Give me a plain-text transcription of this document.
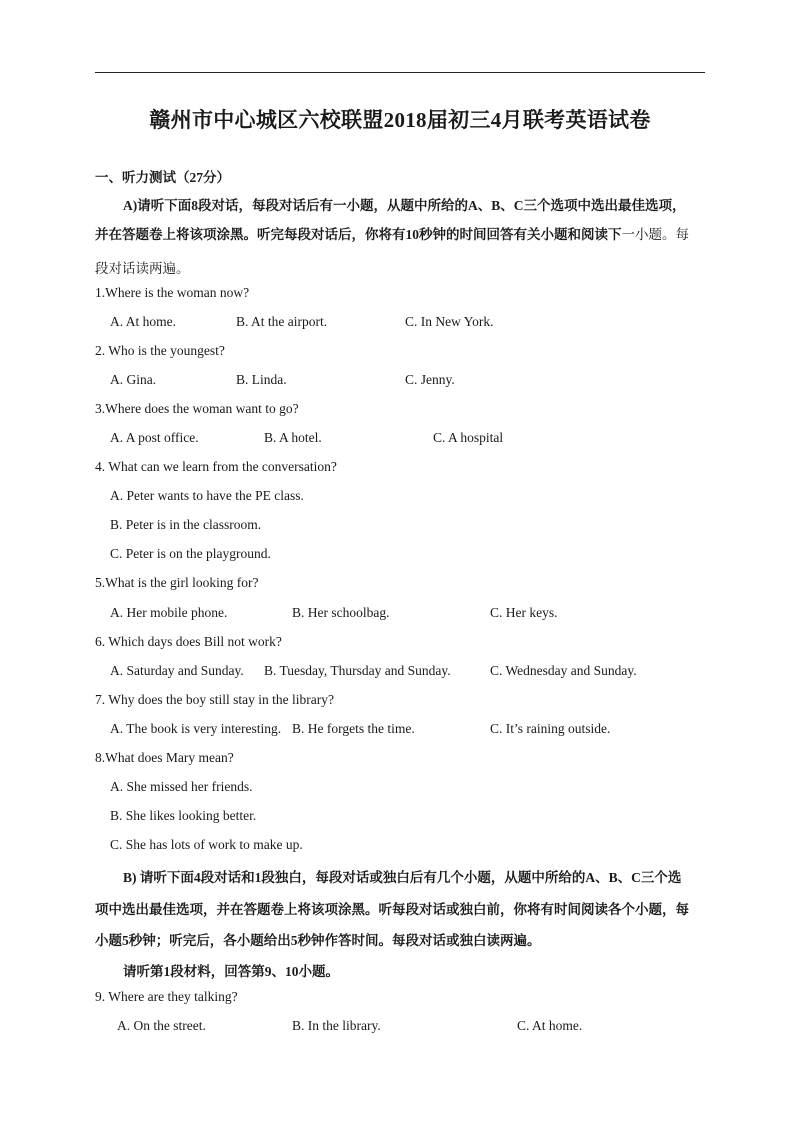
赣州市中心城区六校联盟2018届初三4月联考英语试卷
一、听力测试（27分）
A)请听下面8段对话，每段对话后有一小题，从题中所给的A、B、C三个选项中选出最佳选项，
并在答题卷上将该项涂黑。听完每段对话后，你将有10秒钟的时间回答有关小题和阅读下一小题。每
段对话读两遍。
1.Where is the woman now?
A. At home.	B. At the airport.	C. In New York.
2. Who is the youngest?
A. Gina.	B. Linda.	C. Jenny.
3.Where does the woman want to go?
A. A post office.	B. A hotel.	C. A hospital
4. What can we learn from the conversation?
A. Peter wants to have the PE class.
B. Peter is in the classroom.
C. Peter is on the playground.
5.What is the girl looking for?
A. Her mobile phone.	B. Her schoolbag.	C. Her keys.
6. Which days does Bill not work?
A. Saturday and Sunday. B. Tuesday, Thursday and Sunday.	C. Wednesday and Sunday.
7. Why does the boy still stay in the library?
A. The book is very interesting. B. He forgets the time.	C. It’s raining outside.
8.What does Mary mean?
A. She missed her friends.
B. She likes looking better.
C. She has lots of work to make up.
B) 请听下面4段对话和1段独白，每段对话或独白后有几个小题，从题中所给的A、B、C三个选
项中选出最佳选项，并在答题卷上将该项涂黑。听每段对话或独白前，你将有时间阅读各个小题，每
小题5秒钟；听完后，各小题给出5秒钟作答时间。每段对话或独白读两遍。
请听第1段材料，回答第9、10小题。
9. Where are they talking?
A. On the street.	B. In the library.	C. At home.
